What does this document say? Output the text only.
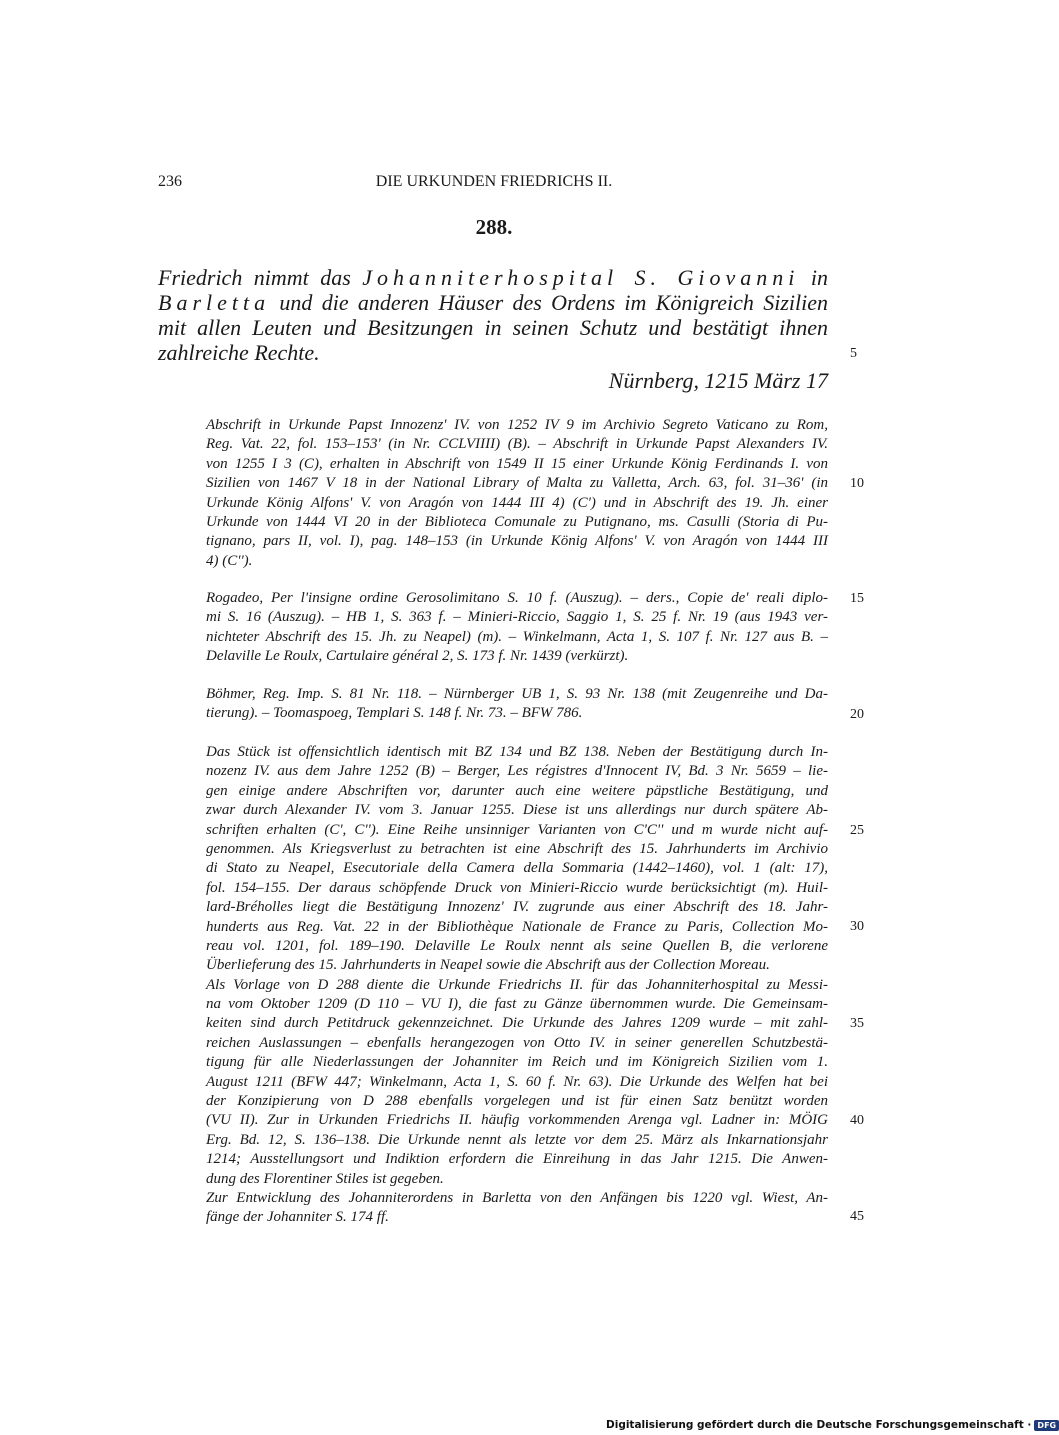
236	DIE URKUNDEN FRIEDRICHS II.
288.
Friedrich nimmt das Johanniterhospital S. Giovanni in
Barletta und die anderen Häuser des Ordens im Königreich Sizilien
mit allen Leuten und Besitzungen in seinen Schutz und bestätigt ihnen
zahlreiche Rechte.
Nürnberg, 1215 März 17
Abschrift in Urkunde Papst Innozenz' IV. von 1252 IV 9 im Archivio Segreto Vaticano zu Rom,
Reg. Vat. 22, fol. 153–153' (in Nr. CCLVIIII) (B). – Abschrift in Urkunde Papst Alexanders IV.
von 1255 I 3 (C), erhalten in Abschrift von 1549 II 15 einer Urkunde König Ferdinands I. von
Sizilien von 1467 V 18 in der National Library of Malta zu Valletta, Arch. 63, fol. 31–36' (in
Urkunde König Alfons' V. von Aragón von 1444 III 4) (C') und in Abschrift des 19. Jh. einer
Urkunde von 1444 VI 20 in der Biblioteca Comunale zu Putignano, ms. Casulli (Storia di Pu-
tignano, pars II, vol. I), pag. 148–153 (in Urkunde König Alfons' V. von Aragón von 1444 III
4) (C'').
Rogadeo, Per l'insigne ordine Gerosolimitano S. 10 f. (Auszug). – ders., Copie de' reali diplo-
mi S. 16 (Auszug). – HB 1, S. 363 f. – Minieri-Riccio, Saggio 1, S. 25 f. Nr. 19 (aus 1943 ver-
nichteter Abschrift des 15. Jh. zu Neapel) (m). – Winkelmann, Acta 1, S. 107 f. Nr. 127 aus B. –
Delaville Le Roulx, Cartulaire général 2, S. 173 f. Nr. 1439 (verkürzt).
Böhmer, Reg. Imp. S. 81 Nr. 118. – Nürnberger UB 1, S. 93 Nr. 138 (mit Zeugenreihe und Da-
tierung). – Toomaspoeg, Templari S. 148 f. Nr. 73. – BFW 786.
Das Stück ist offensichtlich identisch mit BZ 134 und BZ 138. Neben der Bestätigung durch In-
nozenz IV. aus dem Jahre 1252 (B) – Berger, Les régistres d'Innocent IV, Bd. 3 Nr. 5659 – lie-
gen einige andere Abschriften vor, darunter auch eine weitere päpstliche Bestätigung, und
zwar durch Alexander IV. vom 3. Januar 1255. Diese ist uns allerdings nur durch spätere Ab-
schriften erhalten (C', C''). Eine Reihe unsinniger Varianten von C'C'' und m wurde nicht auf-
genommen. Als Kriegsverlust zu betrachten ist eine Abschrift des 15. Jahrhunderts im Archivio
di Stato zu Neapel, Esecutoriale della Camera della Sommaria (1442–1460), vol. 1 (alt: 17),
fol. 154–155. Der daraus schöpfende Druck von Minieri-Riccio wurde berücksichtigt (m). Huil-
lard-Bréholles liegt die Bestätigung Innozenz' IV. zugrunde aus einer Abschrift des 18. Jahr-
hunderts aus Reg. Vat. 22 in der Bibliothèque Nationale de France zu Paris, Collection Mo-
reau vol. 1201, fol. 189–190. Delaville Le Roulx nennt als seine Quellen B, die verlorene
Überlieferung des 15. Jahrhunderts in Neapel sowie die Abschrift aus der Collection Moreau.
Als Vorlage von D 288 diente die Urkunde Friedrichs II. für das Johanniterhospital zu Messi-
na vom Oktober 1209 (D 110 – VU I), die fast zu Gänze übernommen wurde. Die Gemeinsam-
keiten sind durch Petitdruck gekennzeichnet. Die Urkunde des Jahres 1209 wurde – mit zahl-
reichen Auslassungen – ebenfalls herangezogen von Otto IV. in seiner generellen Schutzbestä-
tigung für alle Niederlassungen der Johanniter im Reich und im Königreich Sizilien vom 1.
August 1211 (BFW 447; Winkelmann, Acta 1, S. 60 f. Nr. 63). Die Urkunde des Welfen hat bei
der Konzipierung von D 288 ebenfalls vorgelegen und ist für einen Satz benützt worden
(VU II). Zur in Urkunden Friedrichs II. häufig vorkommenden Arenga vgl. Ladner in: MÖIG
Erg. Bd. 12, S. 136–138. Die Urkunde nennt als letzte vor dem 25. März als Inkarnationsjahr
1214; Ausstellungsort und Indiktion erfordern die Einreihung in das Jahr 1215. Die Anwen-
dung des Florentiner Stiles ist gegeben.
Zur Entwicklung des Johanniterordens in Barletta von den Anfängen bis 1220 vgl. Wiest, An-
fänge der Johanniter S. 174 ff.
5
10
15
20
25
30
35
40
45
Digitalisierung gefördert durch die Deutsche Forschungsgemeinschaft · DFG
